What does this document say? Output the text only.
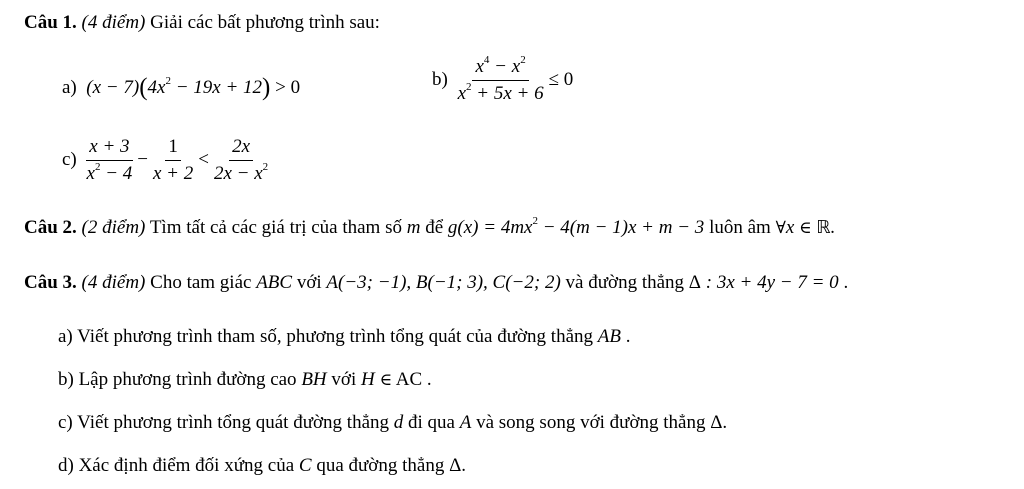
Câu 1. (4 điểm) Giải các bất phương trình sau:
a)  $(x - 7)(4x^2 - 19x + 12) > 0$	$b) \frac{x^4 - x^2}{x^2 + 5x + 6} \le 0$
$c) \frac{x + 3}{x^2 - 4} - \frac{1}{x + 2} < \frac{2x}{2x - x^2}$
Câu 2. (2 điểm) Tìm tất cả các giá trị của tham số m để $g(x) = 4mx^2 - 4(m - 1)x + m - 3$ luôn âm ∀x ∈ ℝ.
Câu 3. (4 điểm) Cho tam giác ABC với A(−3; −1), B(−1; 3), C(−2; 2) và đường thẳng Δ : 3x + 4y − 7 = 0 .
a) Viết phương trình tham số, phương trình tổng quát của đường thẳng AB .
b) Lập phương trình đường cao BH với H ∈ AC .
c) Viết phương trình tổng quát đường thẳng d đi qua A và song song với đường thẳng Δ.
d) Xác định điểm đối xứng của C qua đường thẳng Δ.
